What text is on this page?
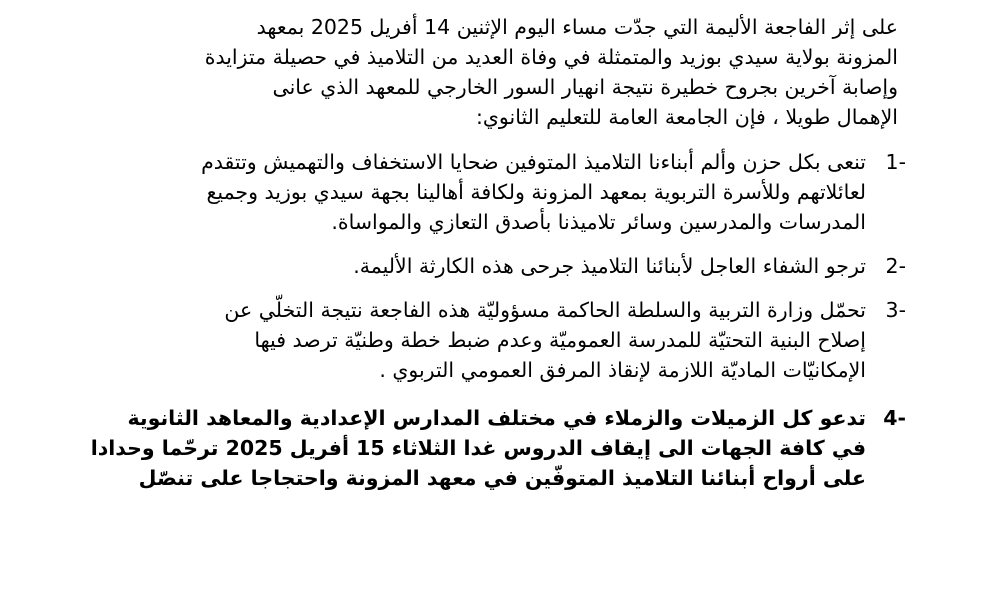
على إثر الفاجعة الأليمة التي جدّت مساء اليوم الإثنين 14 أفريل 2025 بمعهد
المزونة بولاية سيدي بوزيد والمتمثلة في وفاة العديد من التلاميذ في حصيلة متزايدة
وإصابة آخرين بجروح خطيرة نتيجة انهيار السور الخارجي للمعهد الذي عانى
الإهمال طويلا ، فإن الجامعة العامة للتعليم الثانوي:

1-
تنعى بكل حزن وألم أبناءنا التلاميذ المتوفين ضحايا الاستخفاف والتهميش وتتقدم
لعائلاتهم وللأسرة التربوية بمعهد المزونة ولكافة أهالينا بجهة سيدي بوزيد وجميع
المدرسات والمدرسين وسائر تلاميذنا بأصدق التعازي والمواساة.
2-
ترجو الشفاء العاجل لأبنائنا التلاميذ جرحى هذه الكارثة الأليمة.
3-
تحمّل وزارة التربية والسلطة الحاكمة مسؤوليّة هذه الفاجعة نتيجة التخلّي عن
إصلاح البنية التحتيّة للمدرسة العموميّة وعدم ضبط خطة وطنيّة ترصد فيها
الإمكانيّات الماديّة اللازمة لإنقاذ المرفق العمومي التربوي .
4-
تدعو كل الزميلات والزملاء في مختلف المدارس الإعدادية والمعاهد الثانوية
في كافة الجهات الى إيقاف الدروس غدا الثلاثاء 15 أفريل 2025 ترحّما وحدادا
على أرواح أبنائنا التلاميذ المتوفّين في معهد المزونة واحتجاجا على تنصّل
